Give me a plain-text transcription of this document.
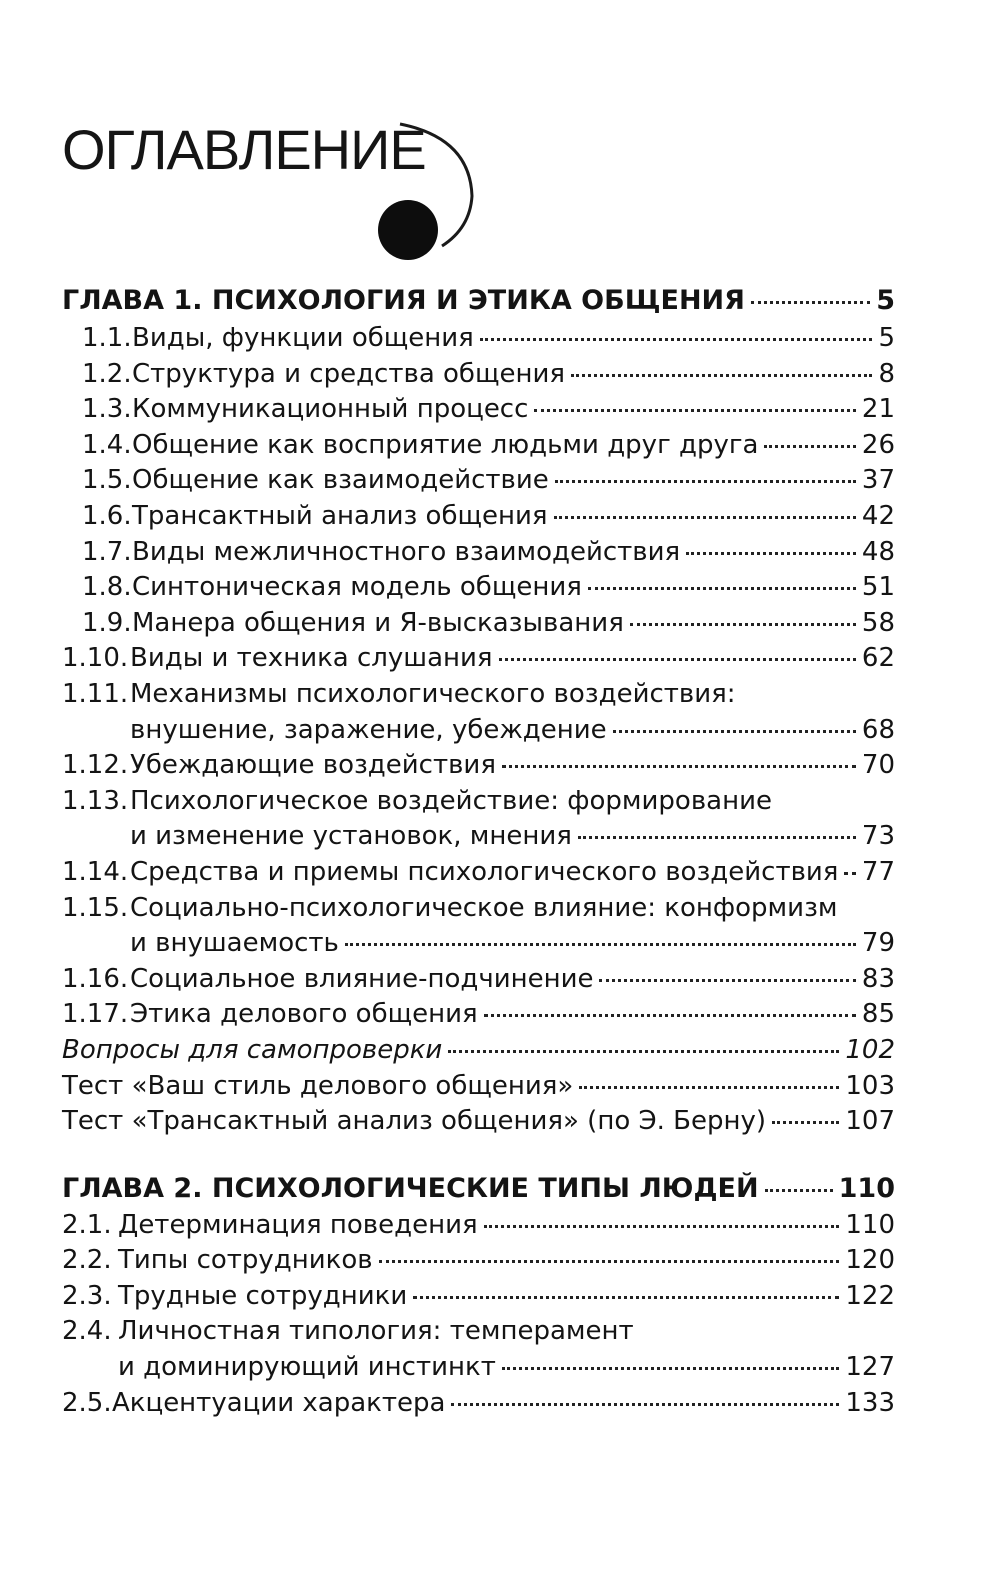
ОГЛАВЛЕНИЕ
ГЛАВА 1. ПСИХОЛОГИЯ И ЭТИКА ОБЩЕНИЯ	5
1.1. Виды, функции общения	5
1.2. Структура и средства общения	8
1.3. Коммуникационный процесс	21
1.4. Общение как восприятие людьми друг друга	26
1.5. Общение как взаимодействие	37
1.6. Трансактный анализ общения	42
1.7. Виды межличностного взаимодействия	48
1.8. Синтоническая модель общения	51
1.9. Манера общения и Я-высказывания	58
1.10. Виды и техника слушания	62
1.11.Механизмы психологического воздействия:
внушение, заражение, убеждение	68
1.12. Убеждающие воздействия	70
1.13.Психологическое воздействие: формирование
и изменение установок, мнения	73
1.14. Средства и приемы психологического воздействия 77
1.15.Социально-психологическое влияние: конформизм
и внушаемость	79
1.16. Социальное влияние-подчинение	83
1.17. Этика делового общения	85
Вопросы для самопроверки	102
Тест «Ваш стиль делового общения»	103
Тест «Трансактный анализ общения» (по Э. Берну)	107
ГЛАВА 2. ПСИХОЛОГИЧЕСКИЕ ТИПЫ ЛЮДЕЙ	110
2.1. Детерминация поведения	110
2.2. Типы сотрудников	120
2.3. Трудные сотрудники	122
2.4. Личностная типология: темперамент
и доминирующий инстинкт	127
2.5. Акцентуации характера	133
